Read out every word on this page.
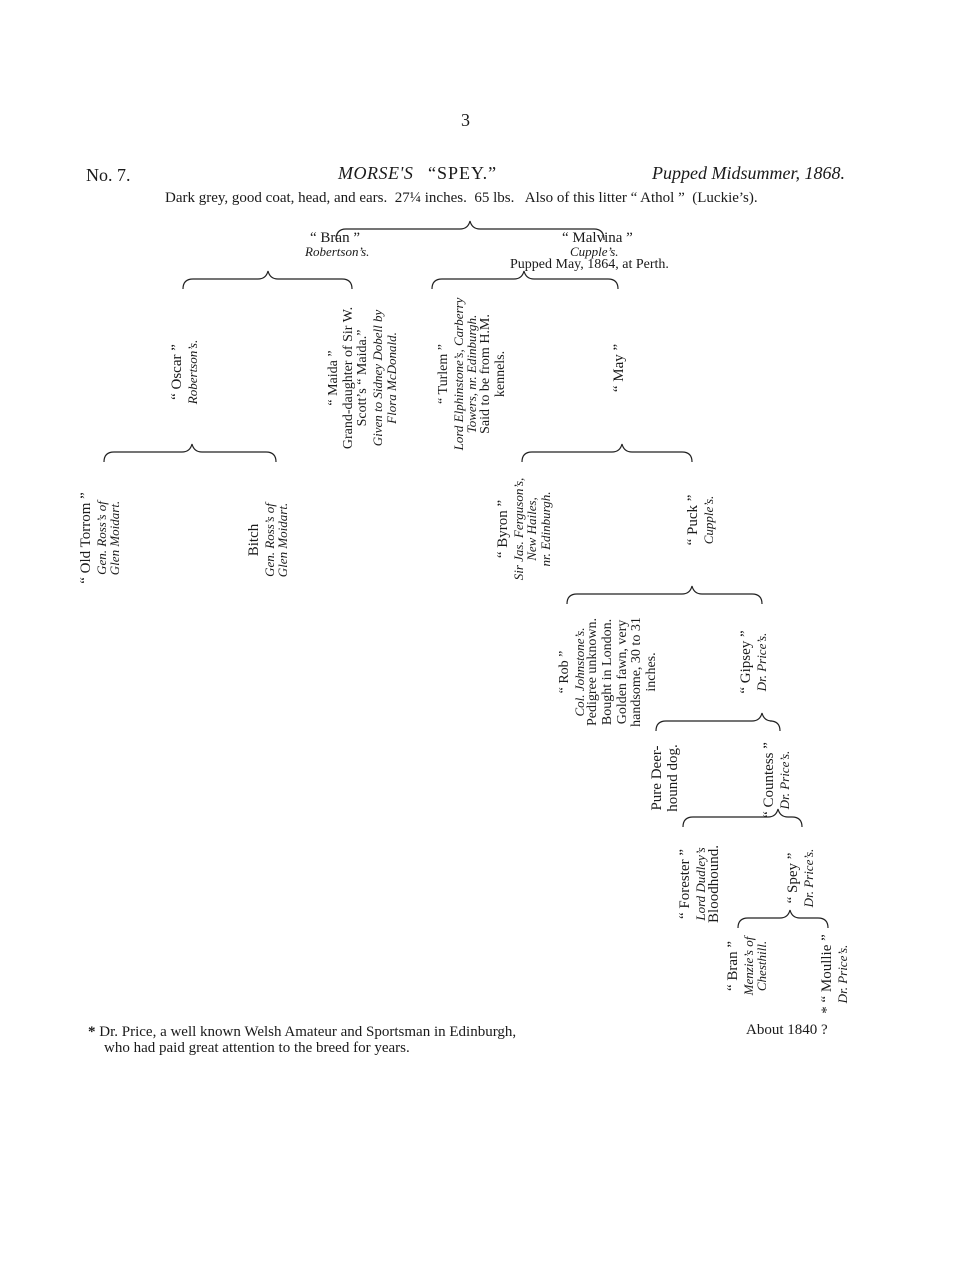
3
No. 7.	MORSE'S “SPEY.”	Pupped Midsummer, 1868.
Dark grey, good coat, head, and ears.  27¼ inches.  65 lbs.   Also of this litter “ Athol ”  (Luckie’s).
“ Bran ”
Robertson’s.
“ Malvina ”
Cupple’s.
Pupped May, 1864, at Perth.
“ Oscar ” Robertson’s.	“ Maida ” Grand-daughter of Sir W. Scott’s “ Maida.” Given to Sidney Dobell by
Flora McDonald.	“ Turlem ” Lord Elphinstone’s, Carberry
Towers, nr. Edinburgh.
Said to be from H.M. kennels.	“ May ”
“ Old Torrom ” Gen. Ross’s of
Glen Moidart.	Bitch Gen. Ross’s of
Glen Moidart.	“ Byron ” Sir Jas. Ferguson’s,
New Hailes,
nr. Edinburgh.	“ Puck ” Cupple’s.
“ Rob ” Col. Johnstone’s.
Pedigree unknown. Bought in London. Golden fawn, very handsome, 30 to 31 inches.	“ Gipsey ” Dr. Price’s.
Pure Deer- hound dog.	“ Countess ” Dr. Price’s.
“ Forester ” Lord Dudley’s
Bloodhound.	“ Spey ” Dr. Price’s.
“ Bran ” Menzie’s of
Chesthill.
* “ Moullie ” Dr. Price’s.
* Dr. Price, a well known Welsh Amateur and Sportsman in Edinburgh,
who had paid great attention to the breed for years.
About 1840 ?
